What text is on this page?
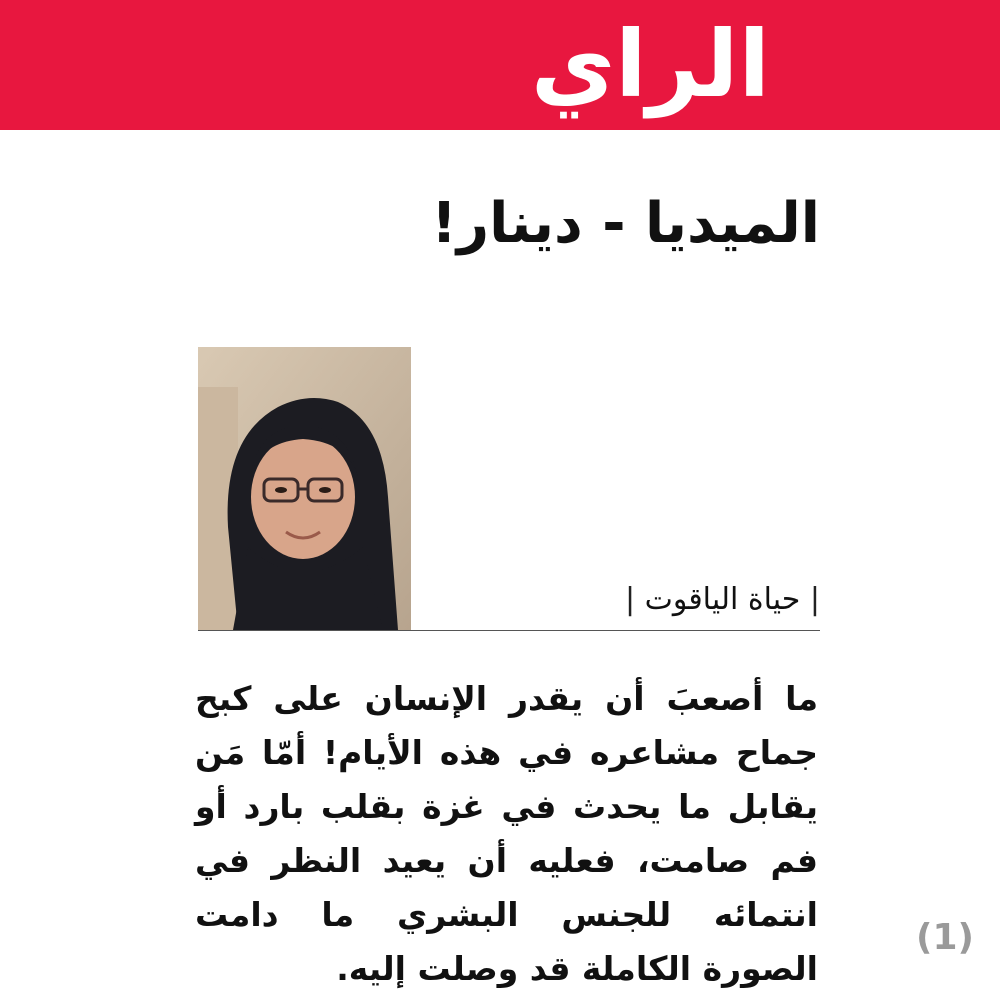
الراي
الميديا - دينار!
| حياة الياقوت |
ما أصعبَ أن يقدر الإنسان على كبح جماح مشاعره في هذه الأيام! أمّا مَن يقابل ما يحدث في غزة بقلب بارد أو فم صامت، فعليه أن يعيد النظر في انتمائه للجنس البشري ما دامت الصورة الكاملة قد وصلت إليه.
(1)
